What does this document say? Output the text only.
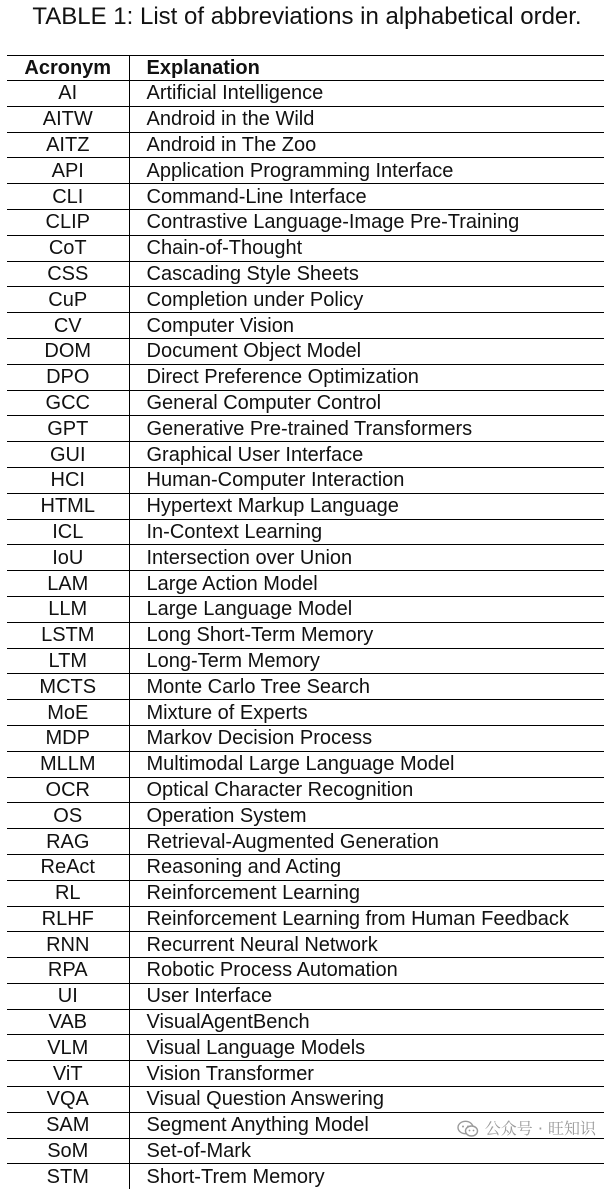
TABLE 1: List of abbreviations in alphabetical order.
Acronym	Explanation
AI	Artificial Intelligence
AITW	Android in the Wild
AITZ	Android in The Zoo
API	Application Programming Interface
CLI	Command-Line Interface
CLIP	Contrastive Language-Image Pre-Training
CoT	Chain-of-Thought
CSS	Cascading Style Sheets
CuP	Completion under Policy
CV	Computer Vision
DOM	Document Object Model
DPO	Direct Preference Optimization
GCC	General Computer Control
GPT	Generative Pre-trained Transformers
GUI	Graphical User Interface
HCI	Human-Computer Interaction
HTML	Hypertext Markup Language
ICL	In-Context Learning
IoU	Intersection over Union
LAM	Large Action Model
LLM	Large Language Model
LSTM	Long Short-Term Memory
LTM	Long-Term Memory
MCTS	Monte Carlo Tree Search
MoE	Mixture of Experts
MDP	Markov Decision Process
MLLM	Multimodal Large Language Model
OCR	Optical Character Recognition
OS	Operation System
RAG	Retrieval-Augmented Generation
ReAct	Reasoning and Acting
RL	Reinforcement Learning
RLHF	Reinforcement Learning from Human Feedback
RNN	Recurrent Neural Network
RPA	Robotic Process Automation
UI	User Interface
VAB	VisualAgentBench
VLM	Visual Language Models
ViT	Vision Transformer
VQA	Visual Question Answering
SAM	Segment Anything Model
SoM	Set-of-Mark
STM	Short-Trem Memory
公众号 · 旺知识
